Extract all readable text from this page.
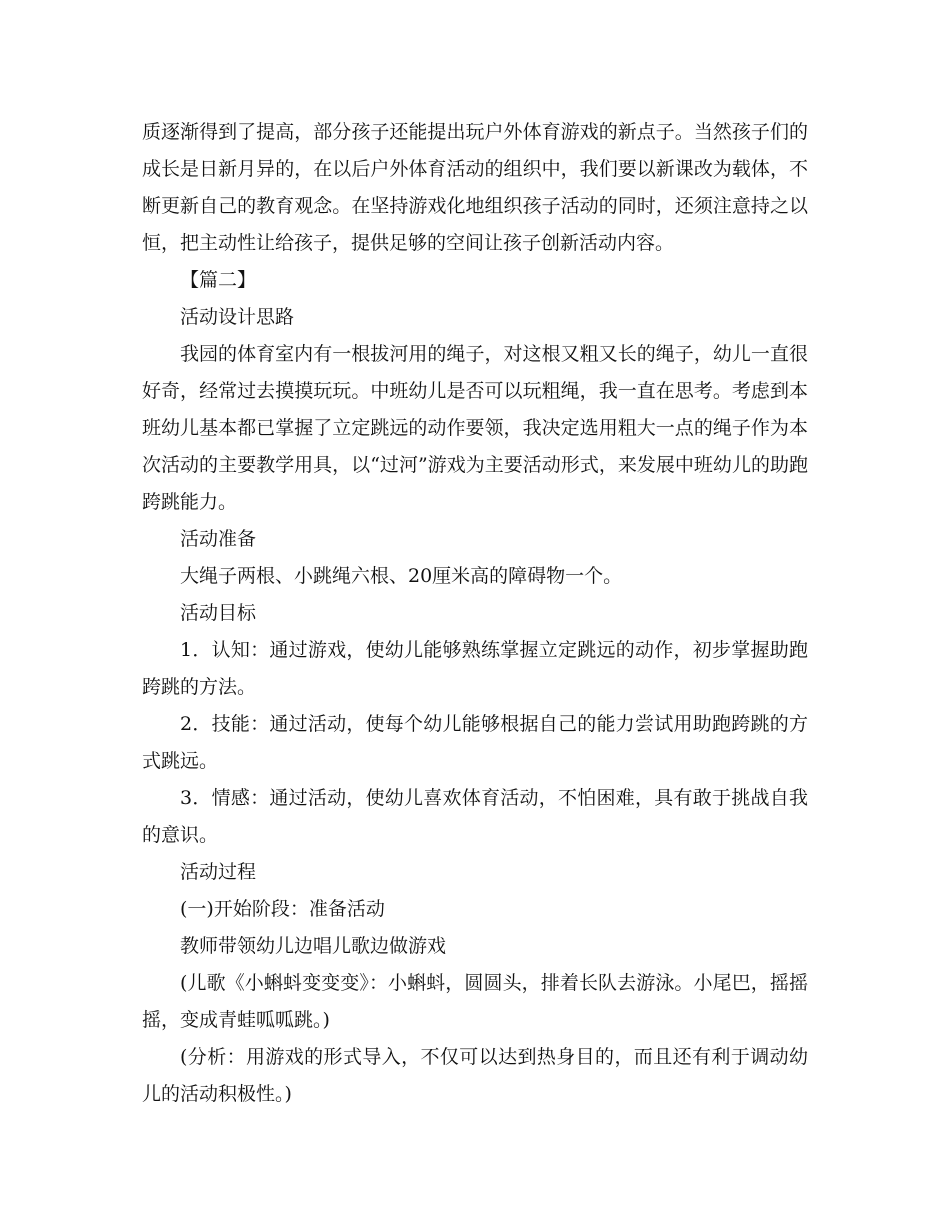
质逐渐得到了提高，部分孩子还能提出玩户外体育游戏的新点子。当然孩子们的成长是日新月异的，在以后户外体育活动的组织中，我们要以新课改为载体，不断更新自己的教育观念。在坚持游戏化地组织孩子活动的同时，还须注意持之以恒，把主动性让给孩子，提供足够的空间让孩子创新活动内容。

【篇二】

活动设计思路

我园的体育室内有一根拔河用的绳子，对这根又粗又长的绳子，幼儿一直很好奇，经常过去摸摸玩玩。中班幼儿是否可以玩粗绳，我一直在思考。考虑到本班幼儿基本都已掌握了立定跳远的动作要领，我决定选用粗大一点的绳子作为本次活动的主要教学用具，以“过河”游戏为主要活动形式，来发展中班幼儿的助跑跨跳能力。

活动准备

大绳子两根、小跳绳六根、20厘米高的障碍物一个。

活动目标

1．认知：通过游戏，使幼儿能够熟练掌握立定跳远的动作，初步掌握助跑跨跳的方法。

2．技能：通过活动，使每个幼儿能够根据自己的能力尝试用助跑跨跳的方式跳远。

3．情感：通过活动，使幼儿喜欢体育活动，不怕困难，具有敢于挑战自我的意识。

活动过程

(一)开始阶段：准备活动

教师带领幼儿边唱儿歌边做游戏

(儿歌《小蝌蚪变变变》：小蝌蚪，圆圆头，排着长队去游泳。小尾巴，摇摇摇，变成青蛙呱呱跳。)

(分析：用游戏的形式导入，不仅可以达到热身目的，而且还有利于调动幼儿的活动积极性。)
